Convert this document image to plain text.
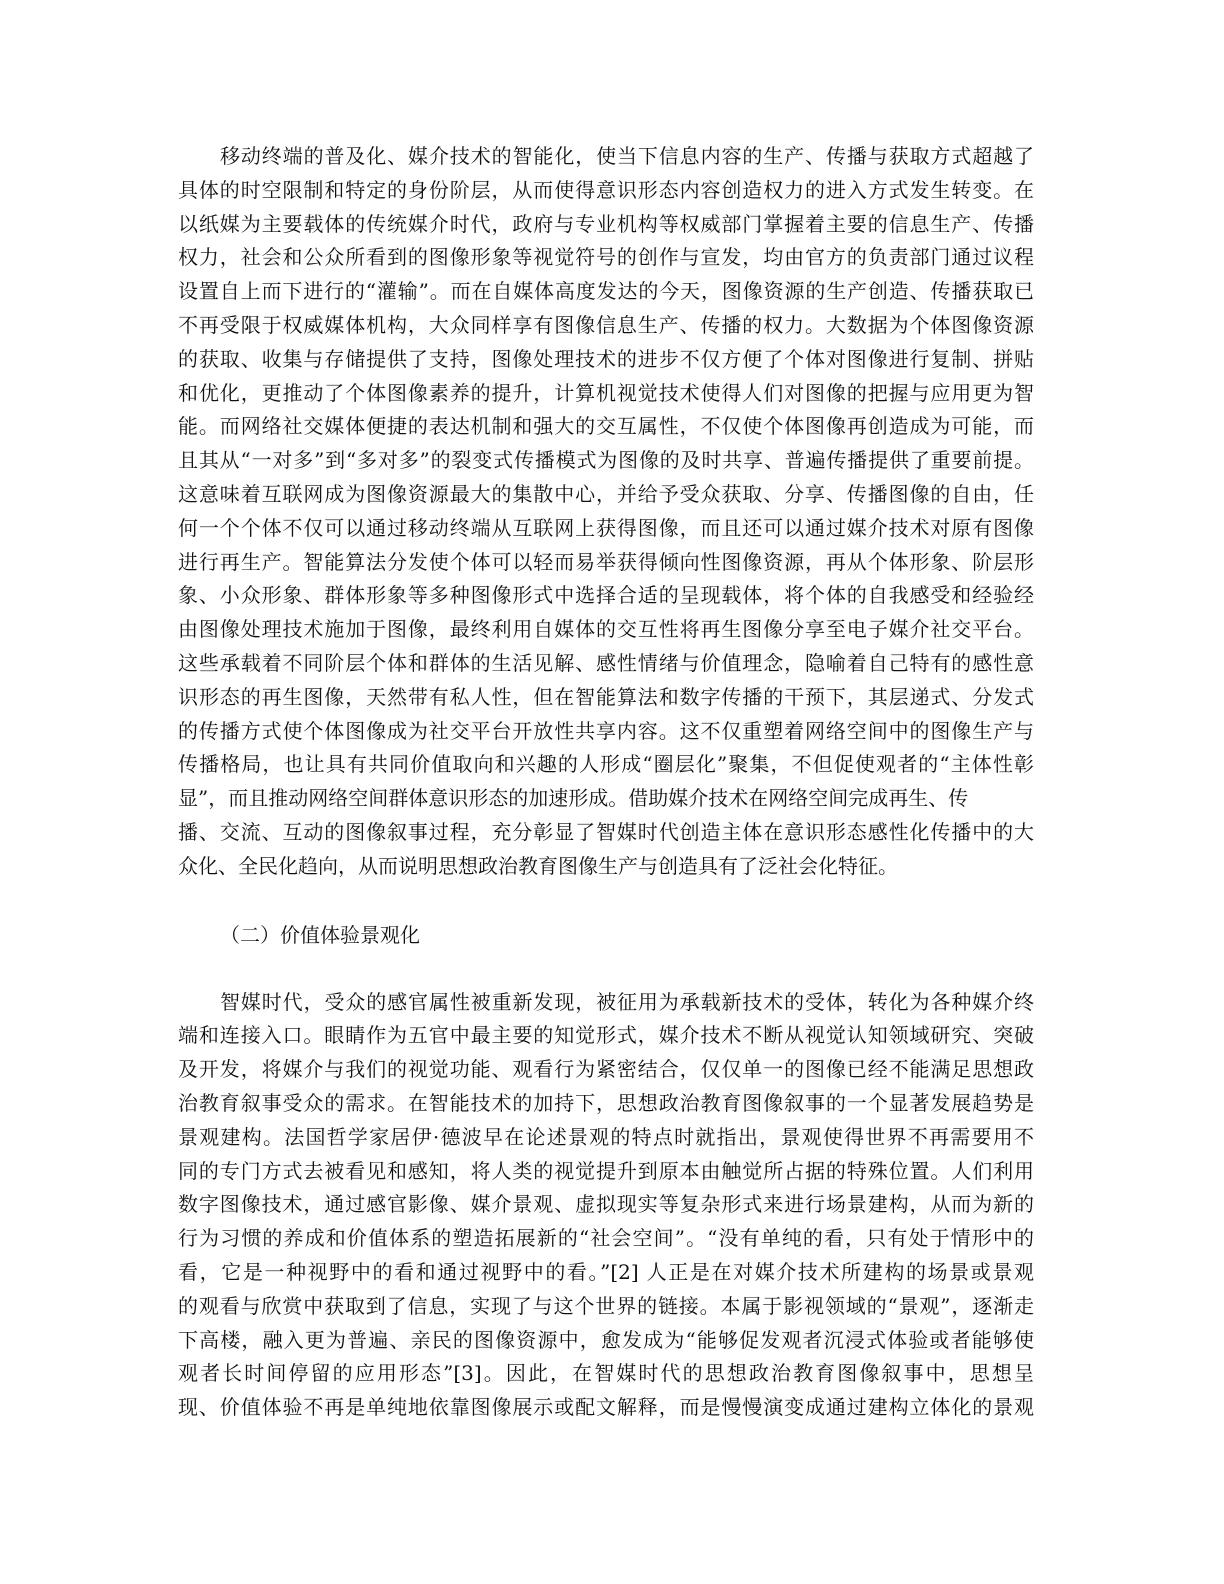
移动终端的普及化、媒介技术的智能化，使当下信息内容的生产、传播与获取方式超越了
具体的时空限制和特定的身份阶层，从而使得意识形态内容创造权力的进入方式发生转变。在
以纸媒为主要载体的传统媒介时代，政府与专业机构等权威部门掌握着主要的信息生产、传播
权力，社会和公众所看到的图像形象等视觉符号的创作与宣发，均由官方的负责部门通过议程
设置自上而下进行的“灌输”。而在自媒体高度发达的今天，图像资源的生产创造、传播获取已
不再受限于权威媒体机构，大众同样享有图像信息生产、传播的权力。大数据为个体图像资源
的获取、收集与存储提供了支持，图像处理技术的进步不仅方便了个体对图像进行复制、拼贴
和优化，更推动了个体图像素养的提升，计算机视觉技术使得人们对图像的把握与应用更为智
能。而网络社交媒体便捷的表达机制和强大的交互属性，不仅使个体图像再创造成为可能，而
且其从“一对多”到“多对多”的裂变式传播模式为图像的及时共享、普遍传播提供了重要前提。
这意味着互联网成为图像资源最大的集散中心，并给予受众获取、分享、传播图像的自由，任
何一个个体不仅可以通过移动终端从互联网上获得图像，而且还可以通过媒介技术对原有图像
进行再生产。智能算法分发使个体可以轻而易举获得倾向性图像资源，再从个体形象、阶层形
象、小众形象、群体形象等多种图像形式中选择合适的呈现载体，将个体的自我感受和经验经
由图像处理技术施加于图像，最终利用自媒体的交互性将再生图像分享至电子媒介社交平台。
这些承载着不同阶层个体和群体的生活见解、感性情绪与价值理念，隐喻着自己特有的感性意
识形态的再生图像，天然带有私人性，但在智能算法和数字传播的干预下，其层递式、分发式
的传播方式使个体图像成为社交平台开放性共享内容。这不仅重塑着网络空间中的图像生产与
传播格局，也让具有共同价值取向和兴趣的人形成“圈层化”聚集，不但促使观者的“主体性彰
显”，而且推动网络空间群体意识形态的加速形成。借助媒介技术在网络空间完成再生、传
播、交流、互动的图像叙事过程，充分彰显了智媒时代创造主体在意识形态感性化传播中的大
众化、全民化趋向，从而说明思想政治教育图像生产与创造具有了泛社会化特征。
（二）价值体验景观化
智媒时代，受众的感官属性被重新发现，被征用为承载新技术的受体，转化为各种媒介终
端和连接入口。眼睛作为五官中最主要的知觉形式，媒介技术不断从视觉认知领域研究、突破
及开发，将媒介与我们的视觉功能、观看行为紧密结合，仅仅单一的图像已经不能满足思想政
治教育叙事受众的需求。在智能技术的加持下，思想政治教育图像叙事的一个显著发展趋势是
景观建构。法国哲学家居伊·德波早在论述景观的特点时就指出，景观使得世界不再需要用不
同的专门方式去被看见和感知，将人类的视觉提升到原本由触觉所占据的特殊位置。人们利用
数字图像技术，通过感官影像、媒介景观、虚拟现实等复杂形式来进行场景建构，从而为新的
行为习惯的养成和价值体系的塑造拓展新的“社会空间”。“没有单纯的看，只有处于情形中的
看，它是一种视野中的看和通过视野中的看。”[2] 人正是在对媒介技术所建构的场景或景观
的观看与欣赏中获取到了信息，实现了与这个世界的链接。本属于影视领域的“景观”，逐渐走
下高楼，融入更为普遍、亲民的图像资源中，愈发成为“能够促发观者沉浸式体验或者能够使
观者长时间停留的应用形态”[3]。因此，在智媒时代的思想政治教育图像叙事中，思想呈
现、价值体验不再是单纯地依靠图像展示或配文解释，而是慢慢演变成通过建构立体化的景观
